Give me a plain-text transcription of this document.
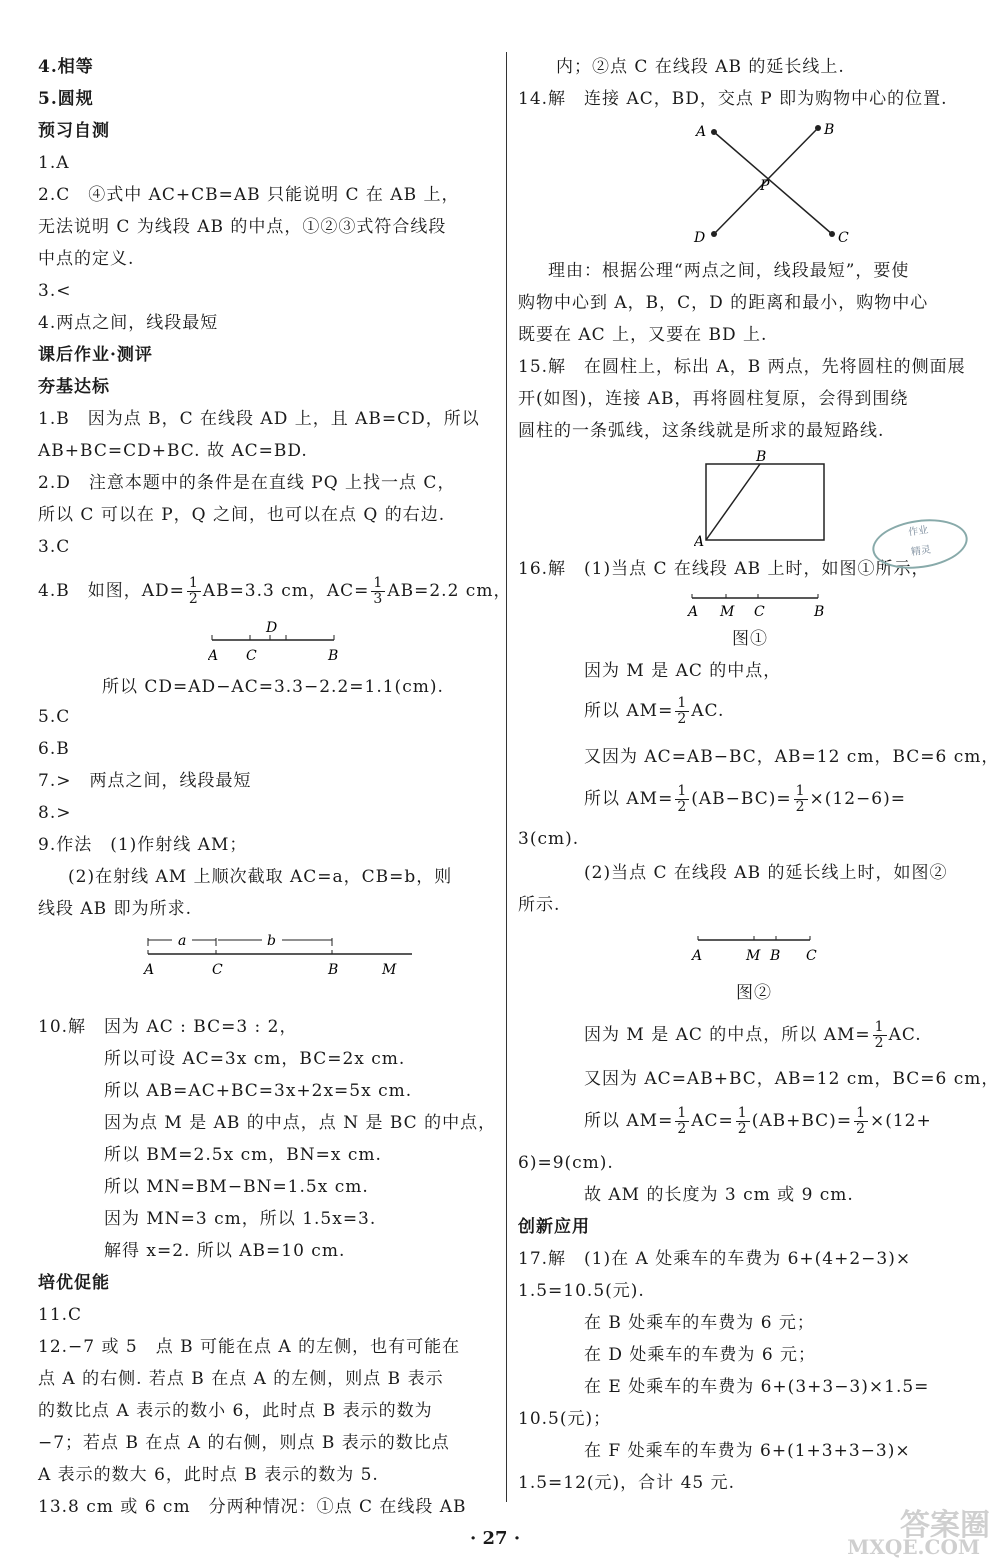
4.相等
5.圆规
预习自测
1.A
2.C　④式中 AC+CB=AB 只能说明 C 在 AB 上，
无法说明 C 为线段 AB 的中点，①②③式符合线段
中点的定义.
3.<
4.两点之间，线段最短
课后作业·测评
夯基达标
1.B　因为点 B，C 在线段 AD 上，且 AB=CD，所以
AB+BC=CD+BC. 故 AC=BD.
2.D　注意本题中的条件是在直线 PQ 上找一点 C，
所以 C 可以在 P，Q 之间，也可以在点 Q 的右边.
3.C
4.B　如图，$AD= \frac{1}{2} AB=3.3$ cm，$AC= \frac{1}{3} AB=2.2$ cm，
A C
D
B
所以 CD=AD−AC=3.3−2.2=1.1(cm).
5.C
6.B
7.>　两点之间，线段最短
8.>
9.作法　(1)作射线 AM；
(2)在射线 AM 上顺次截取 AC=a，CB=b，则
线段 AB 即为所求.
a	b
A	C	B	M
10.解　因为 AC : BC=3 : 2，
所以可设 AC=3x cm，BC=2x cm.
所以 AB=AC+BC=3x+2x=5x cm.
因为点 M 是 AB 的中点，点 N 是 BC 的中点，
所以 BM=2.5x cm，BN=x cm.
所以 MN=BM−BN=1.5x cm.
因为 MN=3 cm，所以 1.5x=3.
解得 x=2. 所以 AB=10 cm.
培优促能
11.C
12.−7 或 5　点 B 可能在点 A 的左侧，也有可能在
点 A 的右侧. 若点 B 在点 A 的左侧，则点 B 表示
的数比点 A 表示的数小 6，此时点 B 表示的数为
−7；若点 B 在点 A 的右侧，则点 B 表示的数比点
A 表示的数大 6，此时点 B 表示的数为 5.
13.8 cm 或 6 cm　分两种情况：①点 C 在线段 AB
内；②点 C 在线段 AB 的延长线上.
14.解　连接 AC，BD，交点 P 即为购物中心的位置.
A	B
P
D	C
理由：根据公理“两点之间，线段最短”，要使
购物中心到 A，B，C，D 的距离和最小，购物中心
既要在 AC 上，又要在 BD 上.
15.解　在圆柱上，标出 A，B 两点，先将圆柱的侧面展
开(如图)，连接 AB，再将圆柱复原，会得到围绕
圆柱的一条弧线，这条线就是所求的最短路线.
B
A
16.解　(1)当点 C 在线段 AB 上时，如图①所示，
A M C	B
图①
因为 M 是 AC 的中点，
所以 $AM= \frac{1}{2}$ AC.
又因为 AC=AB−BC，AB=12 cm，BC=6 cm，
所以 $AM= \frac{1}{2} (AB-BC)= \frac{1}{2} \times(12-6)=$
3(cm).
(2)当点 C 在线段 AB 的延长线上时，如图②
所示.
A	M B C
图②
因为 M 是 AC 的中点，所以 $AM= \frac{1}{2}$ AC.
又因为 AC=AB+BC，AB=12 cm，BC=6 cm，
所以 $AM= \frac{1}{2} AC= \frac{1}{2} (AB+BC)= \frac{1}{2} \times(12+$
6)=9(cm).
故 AM 的长度为 3 cm 或 9 cm.
创新应用
17.解　(1)在 A 处乘车的车费为 6+(4+2−3)×
1.5=10.5(元).
在 B 处乘车的车费为 6 元；
在 D 处乘车的车费为 6 元；
在 E 处乘车的车费为 6+(3+3−3)×1.5=
10.5(元)；
在 F 处乘车的车费为 6+(1+3+3−3)×
1.5=12(元)，合计 45 元.
作业
精灵
· 27 ·	答案圈
MXQE.COM
